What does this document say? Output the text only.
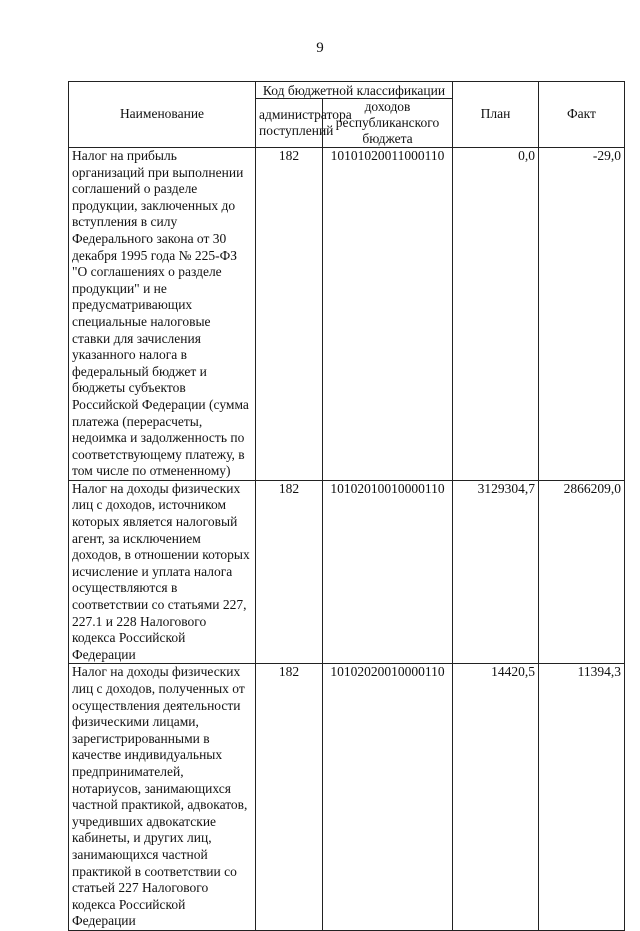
9
Наименование	Код бюджетной классификации		План	Факт
	администратора поступлений	доходов республиканского бюджета		
Налог на прибыль организаций при выполнении соглашений о разделе продукции, заключенных до вступления в силу Федерального закона от 30 декабря 1995 года № 225-ФЗ "О соглашениях о разделе продукции" и не предусматривающих специальные налоговые ставки для зачисления указанного налога в федеральный бюджет и бюджеты субъектов Российской Федерации (сумма платежа (перерасчеты, недоимка и задолженность по соответствующему платежу, в том числе по отмененному)	182	10101020011000110	0,0	-29,0
Налог на доходы физических лиц с доходов, источником которых является налоговый агент, за исключением доходов, в отношении которых исчисление и уплата налога осуществляются в соответствии со статьями 227, 227.1 и 228 Налогового кодекса Российской Федерации	182	10102010010000110	3129304,7	2866209,0
Налог на доходы физических лиц с доходов, полученных от осуществления деятельности физическими лицами, зарегистрированными в качестве индивидуальных предпринимателей, нотариусов, занимающихся частной практикой, адвокатов, учредивших адвокатские кабинеты, и других лиц, занимающихся частной практикой в соответствии со статьей 227 Налогового кодекса Российской Федерации	182	10102020010000110	14420,5	11394,3
